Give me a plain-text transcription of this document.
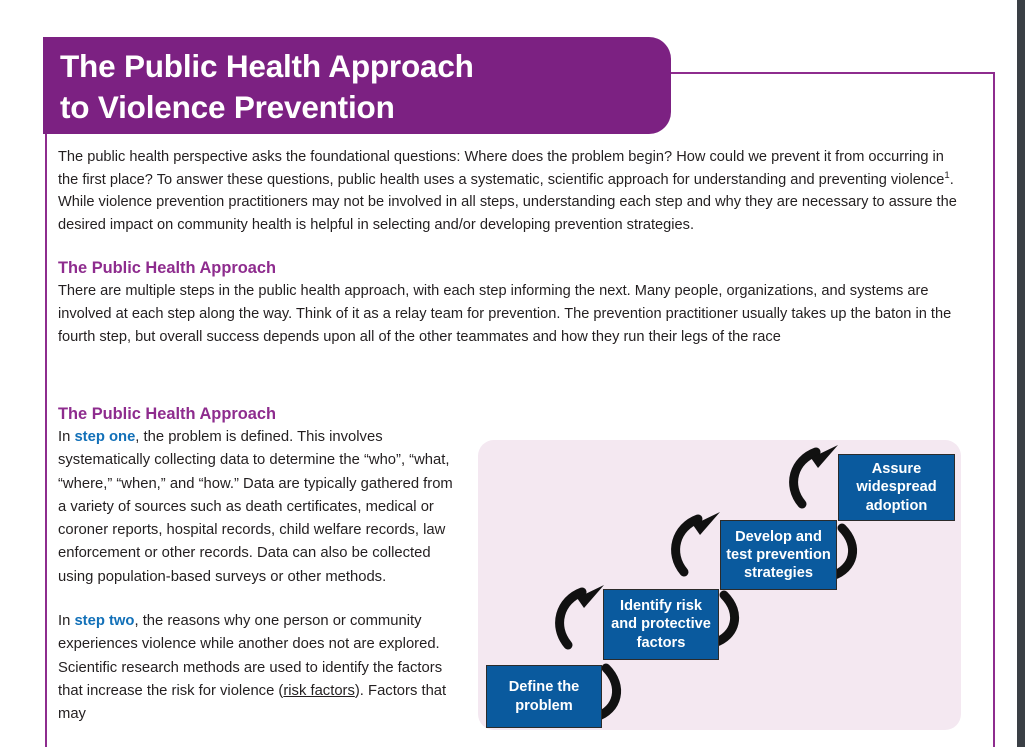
The Public Health Approach
to Violence Prevention

The public health perspective asks the foundational questions: Where does the problem begin? How could we prevent it from occurring in the first place? To answer these questions, public health uses a systematic, scientific approach for understanding and preventing violence$^1$. While violence prevention practitioners may not be involved in all steps, understanding each step and why they are necessary to assure the desired impact on community health is helpful in selecting and/or developing prevention strategies.

The Public Health Approach

There are multiple steps in the public health approach, with each step informing the next. Many people, organizations, and systems are involved at each step along the way. Think of it as a relay team for prevention. The prevention practitioner usually takes up the baton in the fourth step, but overall success depends upon all of the other teammates and how they run their legs of the race

The Public Health Approach

In step one, the problem is defined. This involves systematically collecting data to determine the “who”, “what, “where,” “when,” and “how.” Data are typically gathered from a variety of sources such as death certificates, medical or coroner reports, hospital records, child welfare records, law enforcement or other records. Data can also be collected using population-based surveys or other methods.

In step two, the reasons why one person or community experiences violence while another does not are explored. Scientific research methods are used to identify the factors that increase the risk for violence (risk factors). Factors that may

Define the problem
Identify risk and protective factors
Develop and test prevention strategies
Assure widespread adoption
